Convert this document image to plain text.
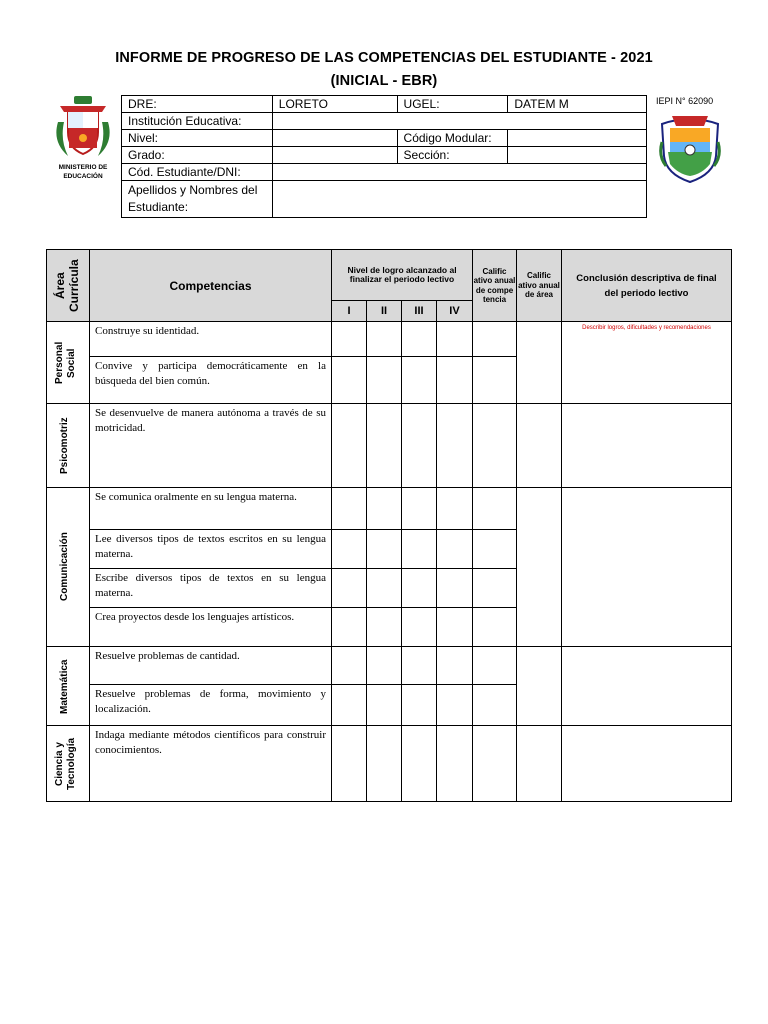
INFORME DE PROGRESO DE LAS COMPETENCIAS DEL ESTUDIANTE - 2021
(INICIAL - EBR)
MINISTERIO DE EDUCACIÓN
IEPI N° 62090
DRE:	LORETO	UGEL:	DATEM M
Institución Educativa:			
Nivel:		Código Modular:	
Grado:		Sección:	
Cód. Estudiante/DNI:			
Apellidos y Nombres del Estudiante:			
Área Currícula	Competencias	Nivel de logro alcanzado al finalizar el periodo lectivo				Calific ativo anual de compe tencia	Calific ativo anual de área	Conclusión descriptiva de final del periodo lectivo
		I	II	III	IV			

Personal Social	Construye su identidad.							Describir logros, dificultades y recomendaciones
	Convive y participa democráticamente en la búsqueda del bien común.							

Psicomotriz	Se desenvuelve de manera autónoma a través de su motricidad.							

Comunicación	Se comunica oralmente en su lengua materna.							
	Lee diversos tipos de textos escritos en su lengua materna.							
	Escribe diversos tipos de textos en su lengua materna.							
	Crea proyectos desde los lenguajes artísticos.							

Matemática	Resuelve problemas de cantidad.							
	Resuelve problemas de forma, movimiento y localización.							

Ciencia y Tecnología	Indaga mediante métodos científicos para construir conocimientos.							
